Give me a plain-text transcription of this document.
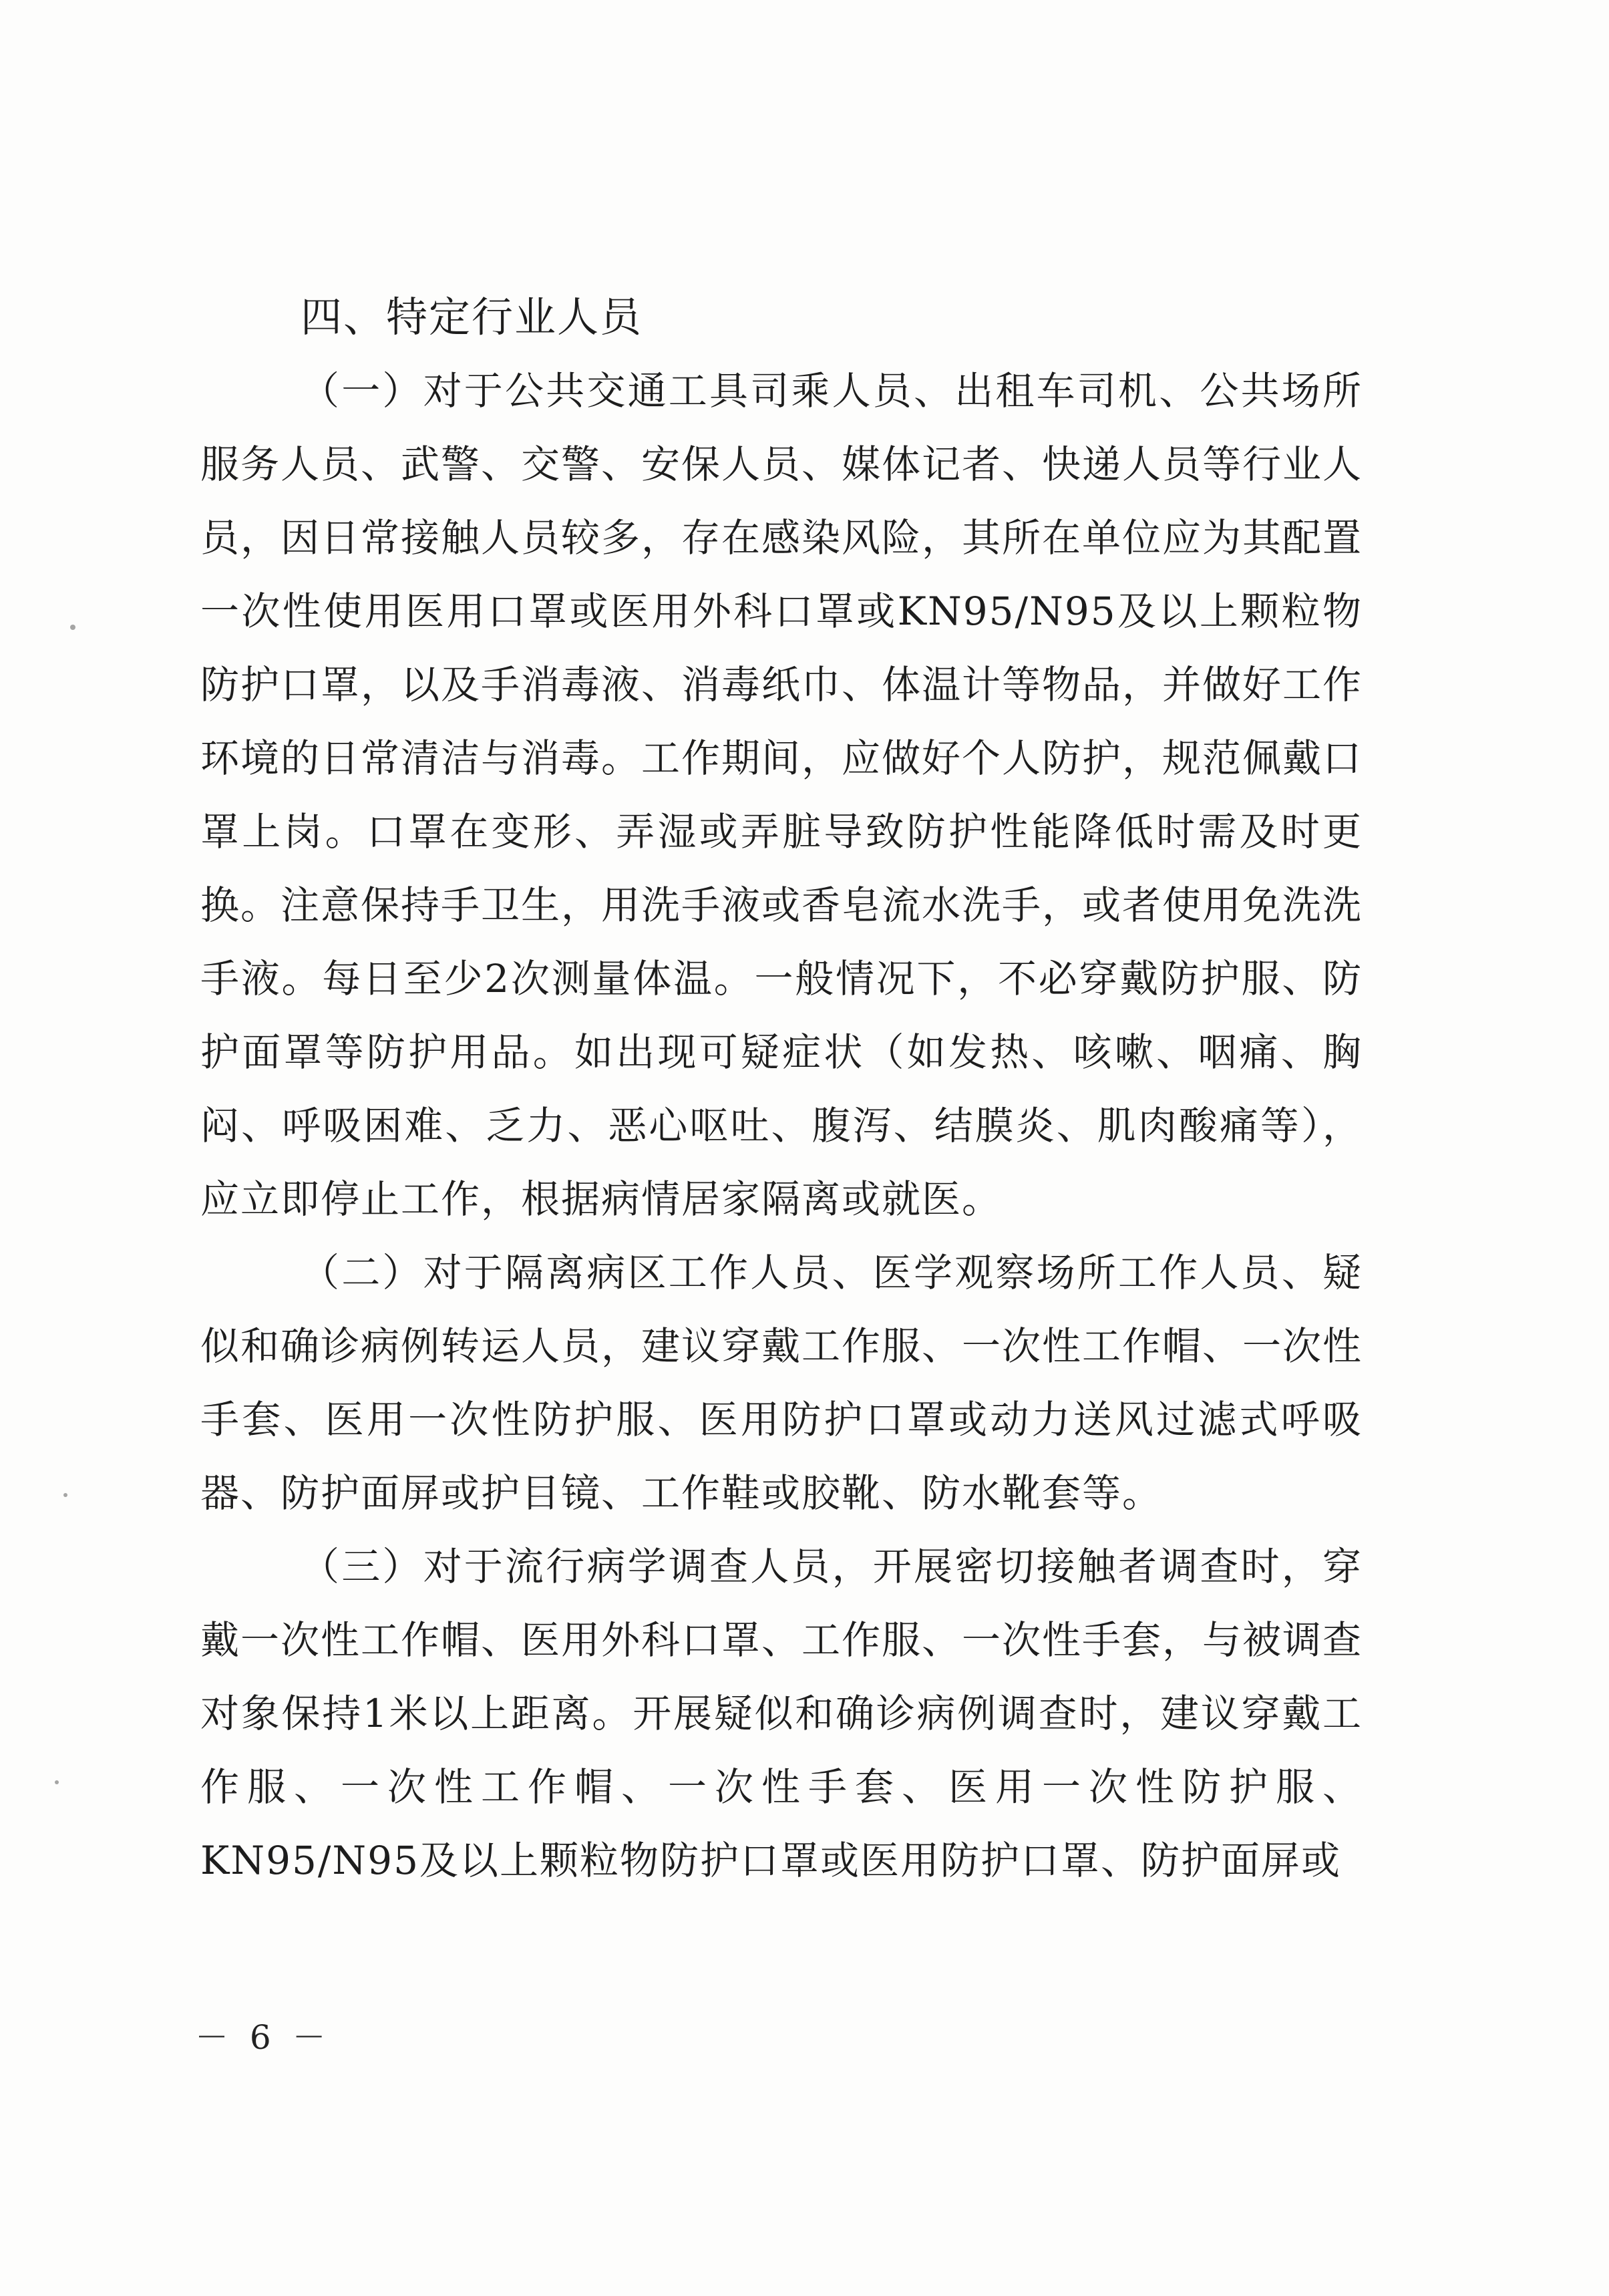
四、特定行业人员

（一）对于公共交通工具司乘人员、出租车司机、公共场所服务人员、武警、交警、安保人员、媒体记者、快递人员等行业人员，因日常接触人员较多，存在感染风险，其所在单位应为其配置一次性使用医用口罩或医用外科口罩或KN95/N95及以上颗粒物防护口罩，以及手消毒液、消毒纸巾、体温计等物品，并做好工作环境的日常清洁与消毒。工作期间，应做好个人防护，规范佩戴口罩上岗。口罩在变形、弄湿或弄脏导致防护性能降低时需及时更换。注意保持手卫生，用洗手液或香皂流水洗手，或者使用免洗洗手液。每日至少2次测量体温。一般情况下，不必穿戴防护服、防护面罩等防护用品。如出现可疑症状（如发热、咳嗽、咽痛、胸闷、呼吸困难、乏力、恶心呕吐、腹泻、结膜炎、肌肉酸痛等），应立即停止工作，根据病情居家隔离或就医。

（二）对于隔离病区工作人员、医学观察场所工作人员、疑似和确诊病例转运人员，建议穿戴工作服、一次性工作帽、一次性手套、医用一次性防护服、医用防护口罩或动力送风过滤式呼吸器、防护面屏或护目镜、工作鞋或胶靴、防水靴套等。

（三）对于流行病学调查人员，开展密切接触者调查时，穿戴一次性工作帽、医用外科口罩、工作服、一次性手套，与被调查对象保持1米以上距离。开展疑似和确诊病例调查时，建议穿戴工作服、一次性工作帽、一次性手套、医用一次性防护服、KN95/N95及以上颗粒物防护口罩或医用防护口罩、防护面屏或

－ 6 －
